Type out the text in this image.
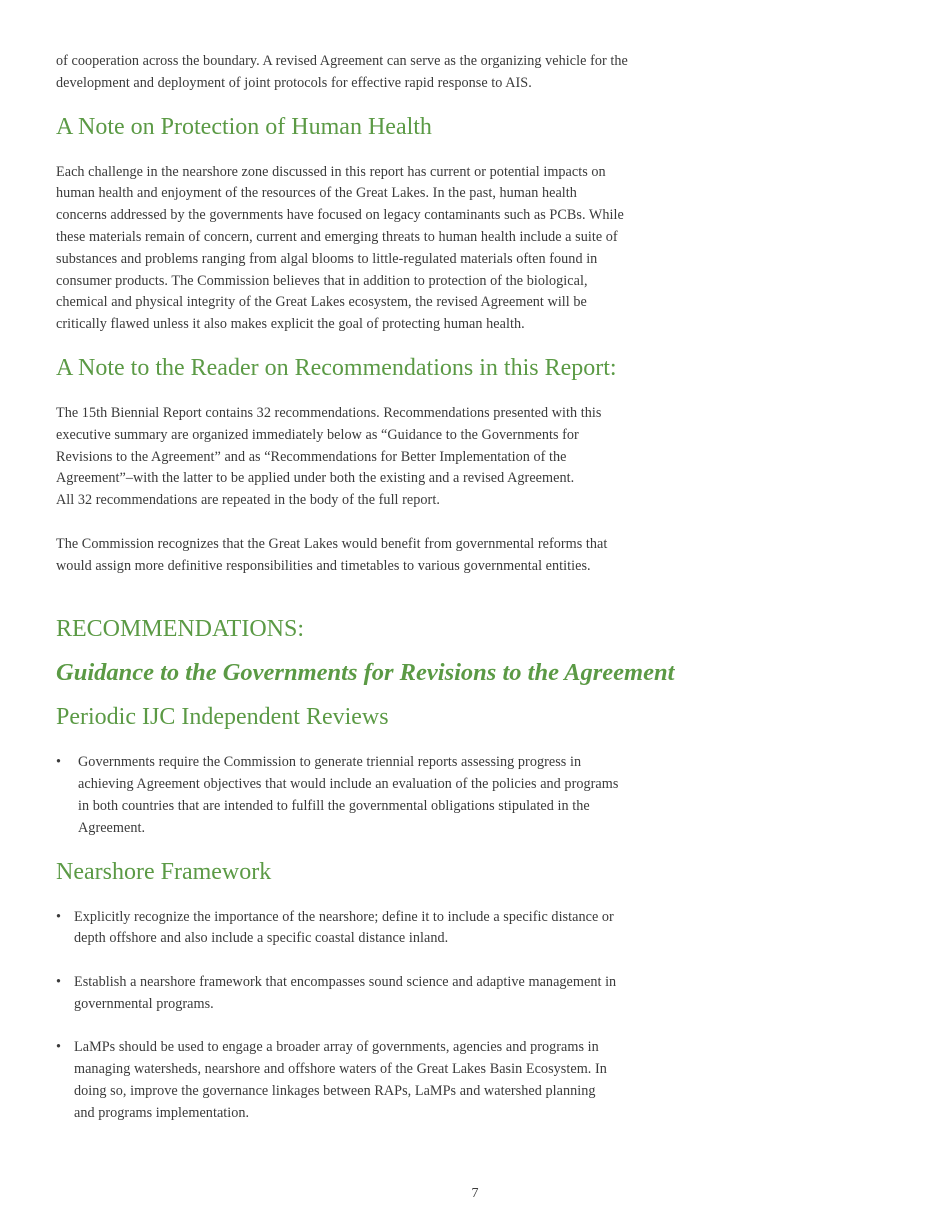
of cooperation across the boundary. A revised Agreement can serve as the organizing vehicle for the development and deployment of joint protocols for effective rapid response to AIS.

A Note on Protection of Human Health

Each challenge in the nearshore zone discussed in this report has current or potential impacts on human health and enjoyment of the resources of the Great Lakes. In the past, human health concerns addressed by the governments have focused on legacy contaminants such as PCBs. While these materials remain of concern, current and emerging threats to human health include a suite of substances and problems ranging from algal blooms to little-regulated materials often found in consumer products. The Commission believes that in addition to protection of the biological, chemical and physical integrity of the Great Lakes ecosystem, the revised Agreement will be critically flawed unless it also makes explicit the goal of protecting human health.

A Note to the Reader on Recommendations in this Report:

The 15th Biennial Report contains 32 recommendations. Recommendations presented with this executive summary are organized immediately below as “Guidance to the Governments for Revisions to the Agreement” and as “Recommendations for Better Implementation of the Agreement”–with the latter to be applied under both the existing and a revised Agreement.

All 32 recommendations are repeated in the body of the full report.

The Commission recognizes that the Great Lakes would benefit from governmental reforms that would assign more definitive responsibilities and timetables to various governmental entities.

RECOMMENDATIONS:
Guidance to the Governments for Revisions to the Agreement
Periodic IJC Independent Reviews
• Governments require the Commission to generate triennial reports assessing progress in achieving Agreement objectives that would include an evaluation of the policies and programs in both countries that are intended to fulfill the governmental obligations stipulated in the Agreement.
Nearshore Framework
• Explicitly recognize the importance of the nearshore; define it to include a specific distance or depth offshore and also include a specific coastal distance inland.
• Establish a nearshore framework that encompasses sound science and adaptive management in governmental programs.
• LaMPs should be used to engage a broader array of governments, agencies and programs in managing watersheds, nearshore and offshore waters of the Great Lakes Basin Ecosystem. In doing so, improve the governance linkages between RAPs, LaMPs and watershed planning and programs implementation.
7
